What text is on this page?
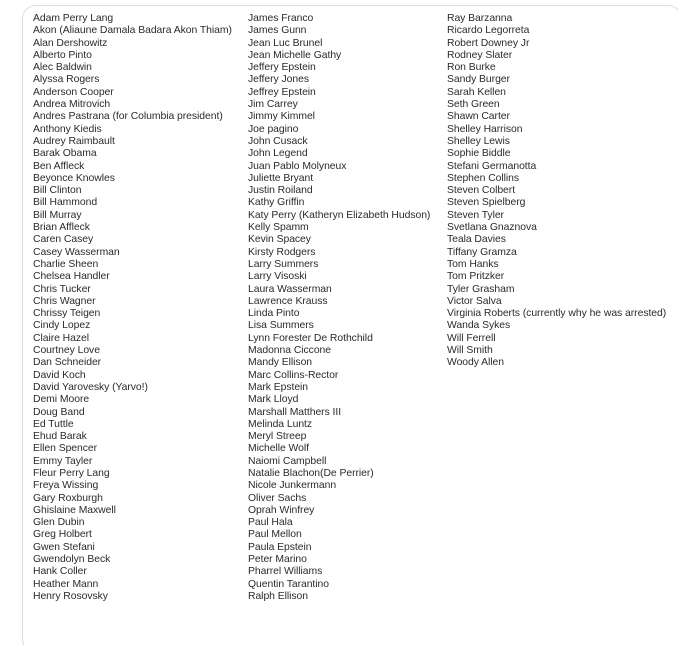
Adam Perry Lang
Akon (Aliaune Damala Badara Akon Thiam)
Alan Dershowitz
Alberto Pinto
Alec Baldwin
Alyssa Rogers
Anderson Cooper
Andrea Mitrovich
Andres Pastrana (for Columbia president)
Anthony Kiedis
Audrey Raimbault
Barak Obama
Ben Affleck
Beyonce Knowles
Bill Clinton
Bill Hammond
Bill Murray
Brian Affleck
Caren Casey
Casey Wasserman
Charlie Sheen
Chelsea Handler
Chris Tucker
Chris Wagner
Chrissy Teigen
Cindy Lopez
Claire Hazel
Courtney Love
Dan Schneider
David Koch
David Yarovesky (Yarvo!)
Demi Moore
Doug Band
Ed Tuttle
Ehud Barak
Ellen Spencer
Emmy Tayler
Fleur Perry Lang
Freya Wissing
Gary Roxburgh
Ghislaine Maxwell
Glen Dubin
Greg Holbert
Gwen Stefani
Gwendolyn Beck
Hank Coller
Heather Mann
Henry Rosovsky
James Franco
James Gunn
Jean Luc Brunel
Jean Michelle Gathy
Jeffery Epstein
Jeffery Jones
Jeffrey Epstein
Jim Carrey
Jimmy Kimmel
Joe pagino
John Cusack
John Legend
Juan Pablo Molyneux
Juliette Bryant
Justin Roiland
Kathy Griffin
Katy Perry (Katheryn Elizabeth Hudson)
Kelly Spamm
Kevin Spacey
Kirsty Rodgers
Larry Summers
Larry Visoski
Laura Wasserman
Lawrence Krauss
Linda Pinto
Lisa Summers
Lynn Forester De Rothchild
Madonna Ciccone
Mandy Ellison
Marc Collins-Rector
Mark Epstein
Mark Lloyd
Marshall Matthers III
Melinda Luntz
Meryl Streep
Michelle Wolf
Naiomi Campbell
Natalie Blachon(De Perrier)
Nicole Junkermann
Oliver Sachs
Oprah Winfrey
Paul Hala
Paul Mellon
Paula Epstein
Peter Marino
Pharrel Williams
Quentin Tarantino
Ralph Ellison
Ray Barzanna
Ricardo Legorreta
Robert Downey Jr
Rodney Slater
Ron Burke
Sandy Burger
Sarah Kellen
Seth Green
Shawn Carter
Shelley Harrison
Shelley Lewis
Sophie Biddle
Stefani Germanotta
Stephen Collins
Steven Colbert
Steven Spielberg
Steven Tyler
Svetlana Gnaznova
Teala Davies
Tiffany Gramza
Tom Hanks
Tom Pritzker
Tyler Grasham
Victor Salva
Virginia Roberts (currently why he was arrested)
Wanda Sykes
Will Ferrell
Will Smith
Woody Allen
